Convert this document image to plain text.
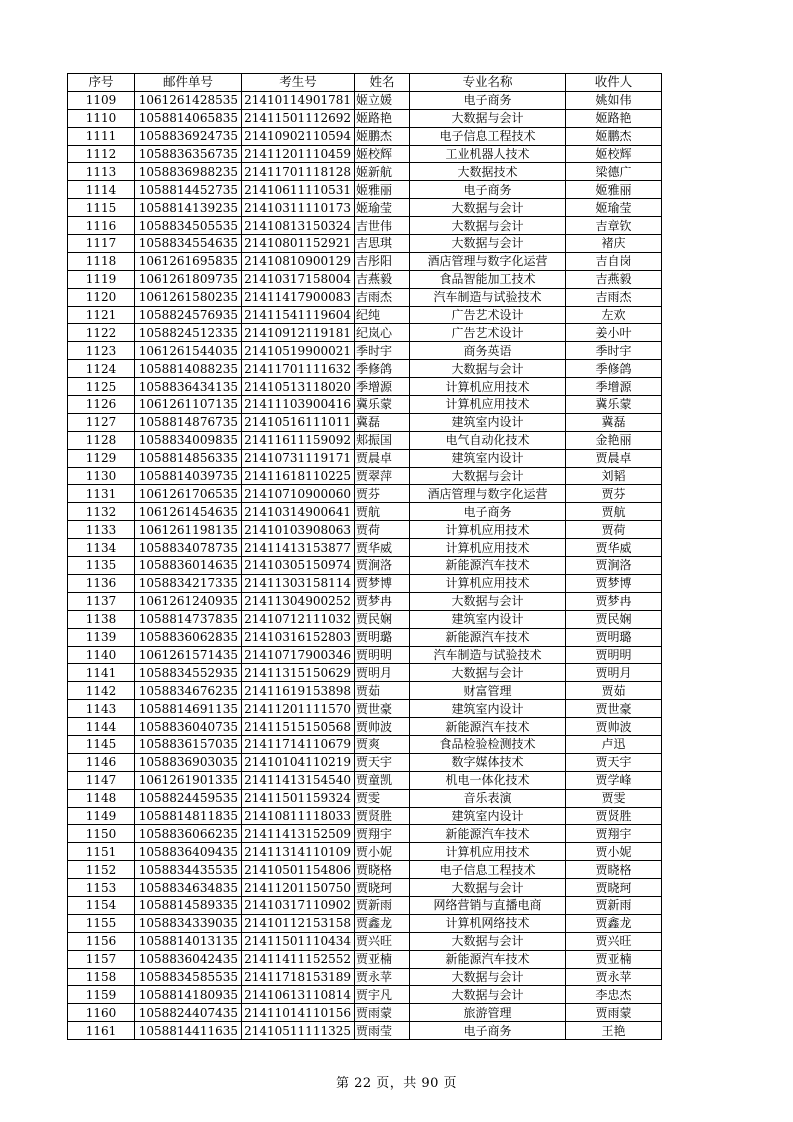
序号	邮件单号	考生号	姓名	专业名称	收件人
1109	1061261428535	21410114901781	姬立媛	电子商务	姚如伟
1110	1058814065835	21411501112692	姬路艳	大数据与会计	姬路艳
1111	1058836924735	21410902110594	姬鹏杰	电子信息工程技术	姬鹏杰
1112	1058836356735	21411201110459	姬校辉	工业机器人技术	姬校辉
1113	1058836988235	21411701118128	姬新航	大数据技术	梁德广
1114	1058814452735	21410611110531	姬雅丽	电子商务	姬雅丽
1115	1058814139235	21410311110173	姬瑜莹	大数据与会计	姬瑜莹
1116	1058834505535	21410813150324	吉世伟	大数据与会计	吉章钦
1117	1058834554635	21410801152921	吉思琪	大数据与会计	褚庆
1118	1061261695835	21410810900129	吉彤阳	酒店管理与数字化运营	吉自岗
1119	1061261809735	21410317158004	吉燕毅	食品智能加工技术	吉燕毅
1120	1061261580235	21411417900083	吉雨杰	汽车制造与试验技术	吉雨杰
1121	1058824576935	21411541119604	纪纯	广告艺术设计	左欢
1122	1058824512335	21410912119181	纪岚心	广告艺术设计	姜小叶
1123	1061261544035	21410519900021	季时宇	商务英语	季时宇
1124	1058814088235	21411701111632	季修鸽	大数据与会计	季修鸽
1125	1058836434135	21410513118020	季增源	计算机应用技术	季增源
1126	1061261107135	21411103900416	冀乐蒙	计算机应用技术	冀乐蒙
1127	1058814876735	21410516111011	冀磊	建筑室内设计	冀磊
1128	1058834009835	21411611159092	郏振国	电气自动化技术	金艳丽
1129	1058814856335	21410731119171	贾晨卓	建筑室内设计	贾晨卓
1130	1058814039735	21411618110225	贾翠萍	大数据与会计	刘韬
1131	1061261706535	21410710900060	贾芬	酒店管理与数字化运营	贾芬
1132	1061261454635	21410314900641	贾航	电子商务	贾航
1133	1061261198135	21410103908063	贾荷	计算机应用技术	贾荷
1134	1058834078735	21411413153877	贾华威	计算机应用技术	贾华威
1135	1058836014635	21410305150974	贾涧洛	新能源汽车技术	贾涧洛
1136	1058834217335	21411303158114	贾梦博	计算机应用技术	贾梦博
1137	1061261240935	21411304900252	贾梦冉	大数据与会计	贾梦冉
1138	1058814737835	21410712111032	贾民娴	建筑室内设计	贾民娴
1139	1058836062835	21410316152803	贾明璐	新能源汽车技术	贾明璐
1140	1061261571435	21410717900346	贾明明	汽车制造与试验技术	贾明明
1141	1058834552935	21411315150629	贾明月	大数据与会计	贾明月
1142	1058834676235	21411619153898	贾茹	财富管理	贾茹
1143	1058814691135	21411201111570	贾世豪	建筑室内设计	贾世豪
1144	1058836040735	21411515150568	贾帅波	新能源汽车技术	贾帅波
1145	1058836157035	21411714110679	贾爽	食品检验检测技术	卢迅
1146	1058836903035	21410104110219	贾天宇	数字媒体技术	贾天宇
1147	1061261901335	21411413154540	贾童凯	机电一体化技术	贾学峰
1148	1058824459535	21411501159324	贾雯	音乐表演	贾雯
1149	1058814811835	21410811118033	贾贤胜	建筑室内设计	贾贤胜
1150	1058836066235	21411413152509	贾翔宇	新能源汽车技术	贾翔宇
1151	1058836409435	21411314110109	贾小妮	计算机应用技术	贾小妮
1152	1058834435535	21410501154806	贾晓格	电子信息工程技术	贾晓格
1153	1058834634835	21411201150750	贾晓珂	大数据与会计	贾晓珂
1154	1058814589335	21410317110902	贾新雨	网络营销与直播电商	贾新雨
1155	1058834339035	21410112153158	贾鑫龙	计算机网络技术	贾鑫龙
1156	1058814013135	21411501110434	贾兴旺	大数据与会计	贾兴旺
1157	1058836042435	21411411152552	贾亚楠	新能源汽车技术	贾亚楠
1158	1058834585535	21411718153189	贾永苹	大数据与会计	贾永苹
1159	1058814180935	21410613110814	贾宇凡	大数据与会计	李忠杰
1160	1058824407435	21411014110156	贾雨蒙	旅游管理	贾雨蒙
1161	1058814411635	21410511111325	贾雨莹	电子商务	王艳
第 22 页，共 90 页
